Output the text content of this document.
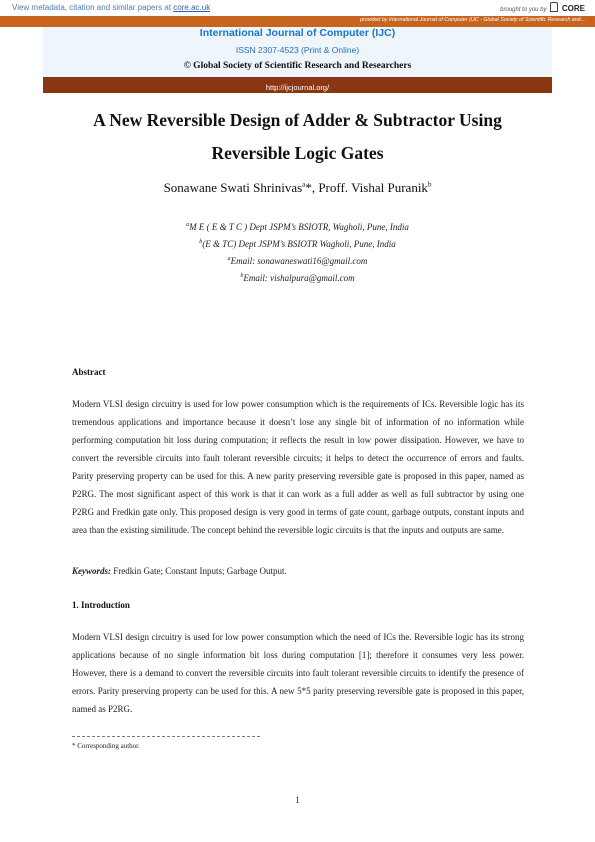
View metadata, citation and similar papers at core.ac.uk	brought to you by CORE
provided by International Journal of Computer (IJC - Global Society of Scientific Research and...
International Journal of Computer (IJC)
ISSN 2307-4523 (Print & Online)
© Global Society of Scientific Research and Researchers
http://ijcjournal.org/
A New Reversible Design of Adder & Subtractor Using
Reversible Logic Gates
Sonawane Swati Shrinivas$^a$*, Proff. Vishal Puranik$^b$
$^a$M E ( E & T C ) Dept JSPM’s BSIOTR, Wagholi, Pune, India
$^b$(E & TC) Dept JSPM’s BSIOTR Wagholi, Pune, India
$^a$Email: sonawaneswati16@gmail.com
$^b$Email: vishalpura@gmail.com
Abstract
Modern VLSI design circuitry is used for low power consumption which is the requirements of ICs. Reversible logic has its tremendous applications and importance because it doesn’t lose any single bit of information of no information while performing computation bit loss during computation; it reflects the result in low power dissipation. However, we have to convert the reversible circuits into fault tolerant reversible circuits; it helps to detect the occurrence of errors and faults. Parity preserving property can be used for this. A new parity preserving reversible gate is proposed in this paper, named as P2RG. The most significant aspect of this work is that it can work as a full adder as well as full subtractor by using one P2RG and Fredkin gate only. This proposed design is very good in terms of gate count, garbage outputs, constant inputs and area than the existing similitude. The concept behind the reversible logic circuits is that the inputs and outputs are same.
Keywords: Fredkin Gate; Constant Inputs; Garbage Output.
1. Introduction
Modern VLSI design circuitry is used for low power consumption which the need of ICs the. Reversible logic has its strong applications because of no single information bit loss during computation [1]; therefore it consumes very less power. However, there is a demand to convert the reversible circuits into fault tolerant reversible circuits to identify the presence of errors. Parity preserving property can be used for this. A new 5*5 parity preserving reversible gate is proposed in this paper, named as P2RG.
* Corresponding author.
1
